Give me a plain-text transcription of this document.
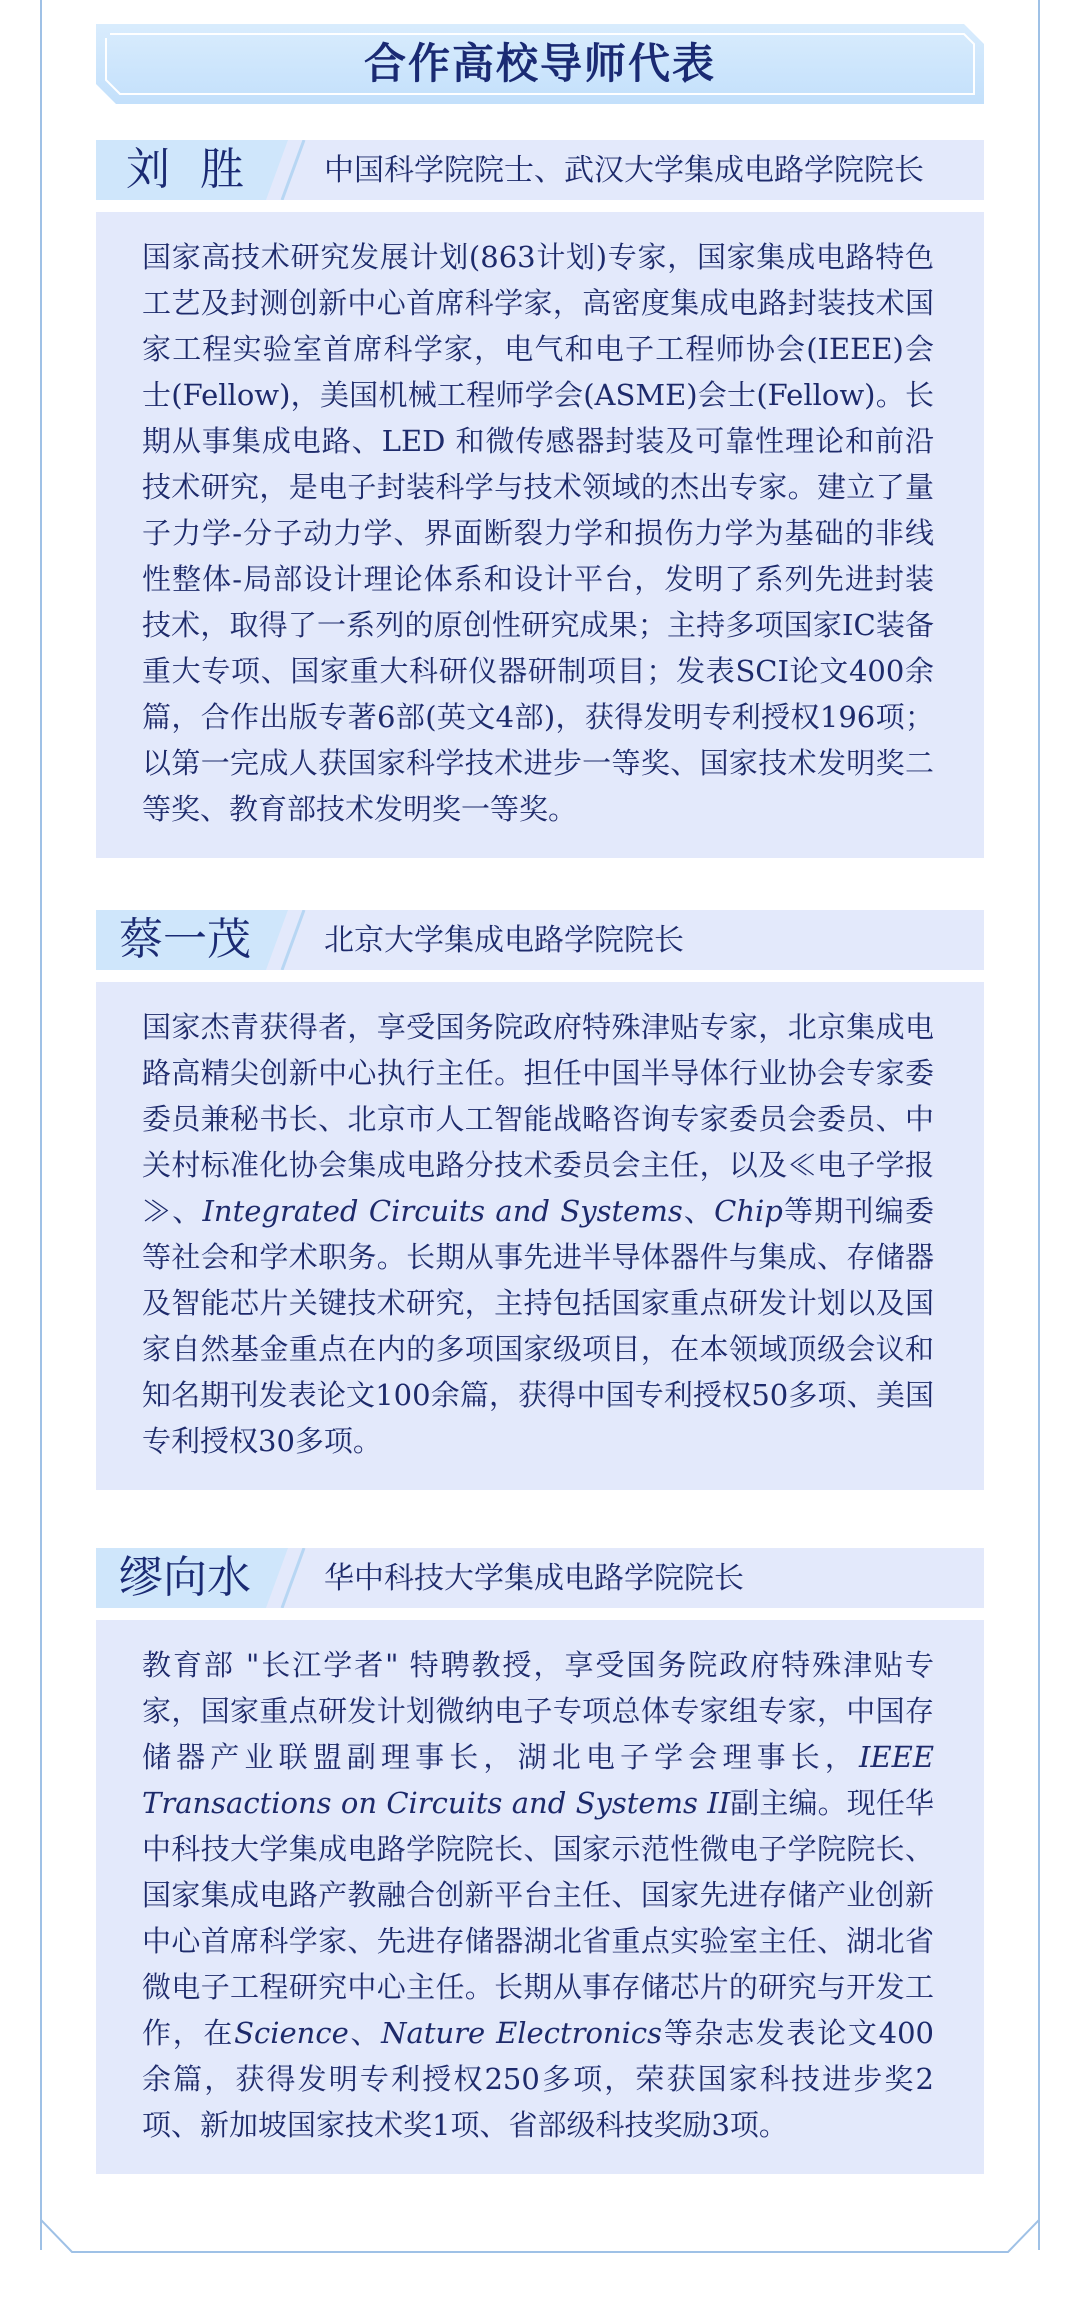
合作高校导师代表
刘胜 中国科学院院士、武汉大学集成电路学院院长

国家高技术研究发展计划(863计划)专家，国家集成电路特色工艺及封测创新中心首席科学家，高密度集成电路封装技术国家工程实验室首席科学家，电气和电子工程师协会(IEEE)会士(Fellow)，美国机械工程师学会(ASME)会士(Fellow)。长期从事集成电路、LED 和微传感器封装及可靠性理论和前沿技术研究，是电子封装科学与技术领域的杰出专家。建立了量子力学-分子动力学、界面断裂力学和损伤力学为基础的非线性整体-局部设计理论体系和设计平台，发明了系列先进封装技术，取得了一系列的原创性研究成果；主持多项国家IC装备重大专项、国家重大科研仪器研制项目；发表SCI论文400余篇，合作出版专著6部(英文4部)，获得发明专利授权196项；以第一完成人获国家科学技术进步一等奖、国家技术发明奖二等奖、教育部技术发明奖一等奖。

蔡一茂	北京大学集成电路学院院长

国家杰青获得者，享受国务院政府特殊津贴专家，北京集成电路高精尖创新中心执行主任。担任中国半导体行业协会专家委委员兼秘书长、北京市人工智能战略咨询专家委员会委员、中关村标准化协会集成电路分技术委员会主任，以及≪电子学报≫、Integrated Circuits and Systems、Chip等期刊编委等社会和学术职务。长期从事先进半导体器件与集成、存储器及智能芯片关键技术研究，主持包括国家重点研发计划以及国家自然基金重点在内的多项国家级项目，在本领域顶级会议和知名期刊发表论文100余篇，获得中国专利授权50多项、美国专利授权30多项。

缪向水	华中科技大学集成电路学院院长

教育部 "长江学者" 特聘教授，享受国务院政府特殊津贴专家，国家重点研发计划微纳电子专项总体专家组专家，中国存储器产业联盟副理事长，湖北电子学会理事长，IEEE Transactions on Circuits and Systems II副主编。现任华中科技大学集成电路学院院长、国家示范性微电子学院院长、国家集成电路产教融合创新平台主任、国家先进存储产业创新中心首席科学家、先进存储器湖北省重点实验室主任、湖北省微电子工程研究中心主任。长期从事存储芯片的研究与开发工作，在Science、Nature Electronics等杂志发表论文400余篇，获得发明专利授权250多项，荣获国家科技进步奖2项、新加坡国家技术奖1项、省部级科技奖励3项。
